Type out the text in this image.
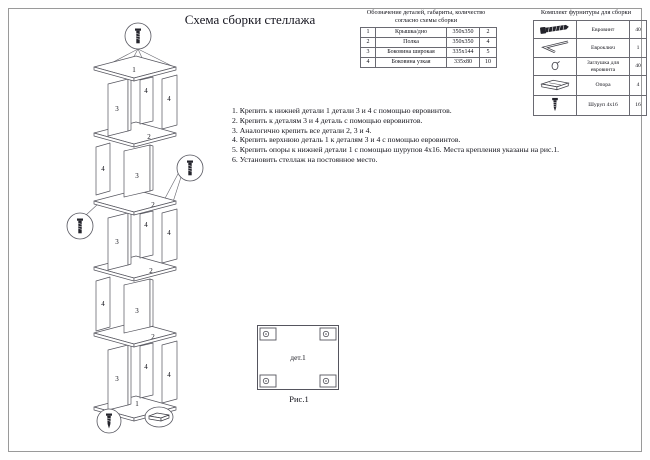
Схема сборки стеллажа	Обозначение деталей, габариты, количество
согласно схемы сборки
1	Крышка/дно	350x350	2
2	Полка	350x350	4
3	Боковина широкая	335x144	5
4	Боковина узкая	335x80	10
Комплект фурнитуры для сборки
	Евровинт	40
	Евроключ	1
	Заглушка для евровинта	40
	Опора	4
	Шуруп 4x16	16
1. Крепить к нижней детали 1 детали 3 и 4 с помощью евровинтов.
2. Крепить к деталям 3 и 4 деталь с помощью евровинтов.
3. Аналогично крепить все детали 2, 3 и 4.
4. Крепить верхнюю деталь 1 к деталям 3 и 4 с помощью евровинтов.
5. Крепить опоры к нижней детали 1 с помощью шурупов 4x16. Места крепления указаны на рис.1.
6. Установить стеллаж на постоянное место.
дет.1
Рис.1
1
3
4
4
2
4
3
2
3
4
4
2
4
3
2
3
4
4
1
